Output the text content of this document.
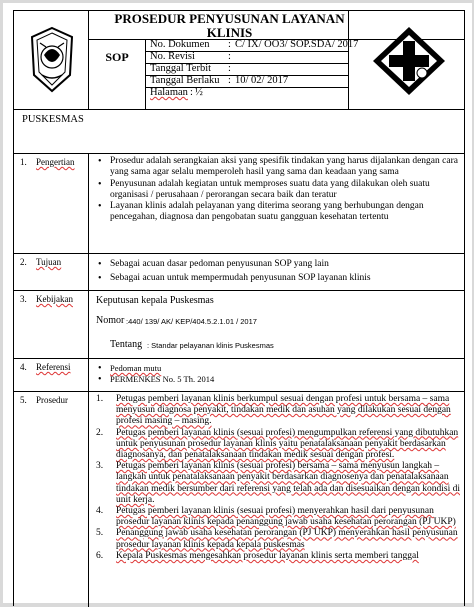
PROSEDUR PENYUSUNAN LAYANAN KLINIS
SOP
No. Dokumen : C/ IX/ OO3/ SOP.SDA/ 2017
No. Revisi	:
Tanggal Terbit :
Tanggal Berlaku : 10/ 02/ 2017
Halaman : ½
PUSKESMAS
1. Pengertian	• Prosedur adalah serangkaian aksi yang spesifik tindakan yang harus dijalankan dengan cara yang sama agar selalu memperoleh hasil yang sama dan keadaan yang sama
• Penyusunan adalah kegiatan untuk memproses suatu data yang dilakukan oleh suatu organisasi / perusahaan / perorangan secara baik dan teratur
• Layanan klinis adalah pelayanan yang diterima seorang yang berhubungan dengan pencegahan, diagnosa dan pengobatan suatu gangguan kesehatan tertentu
2. Tujuan	• Sebagai acuan dasar pedoman penyusunan SOP yang lain
• Sebagai acuan untuk mempermudah penyusunan SOP layanan klinis
3. Kebijakan Keputusan kepala Puskesmas
Nomor :440/ 139/ AK/ KEP/404.5.2.1.01 / 2017
Tentang : Standar pelayanan klinis Puskesmas
4. Referensi	• Pedoman mutu
• PERMENKES No. 5 Th. 2014
5. Prosedur	1. Petugas pemberi layanan klinis berkumpul sesuai dengan profesi untuk bersama – sama menyusun diagnosa penyakit, tindakan medik dan asuhan yang dilakukan sesuai dengan profesi masing – masing.
2. Petugas pemberi layanan klinis (sesuai profesi) mengumpulkan referensi yang dibutuhkan untuk penyusunan prosedur layanan klinis yaitu penatalaksanaan penyakit berdasarkan diagnosanya, dan penatalaksanaan tindakan medik sesuai dengan profesi.
3. Petugas pemberi layanan klinis (sesuai profesi) bersama – sama menyusun langkah – langkah untuk penatalaksanaan penyakit berdasarkan diagnosenya dan penatalaksanaan tindakan medik bersumber dari referensi yang telah ada dan disesuaikan dengan kondisi di unit kerja.
4. Petugas pemberi layanan klinis (sesuai profesi) menyerahkan hasil dari penyusunan prosedur layanan klinis kepada penanggung jawab usaha kesehatan perorangan (PJ UKP)
5. Penanggung jawab usaha kesehatan perorangan (PJ UKP) menyerahkan hasil penyusunan prosedur layanan klinis kepada kepala puskesmas
6. Kepala Puskesmas mengesahkan prosedur layanan klinis serta memberi tanggal
